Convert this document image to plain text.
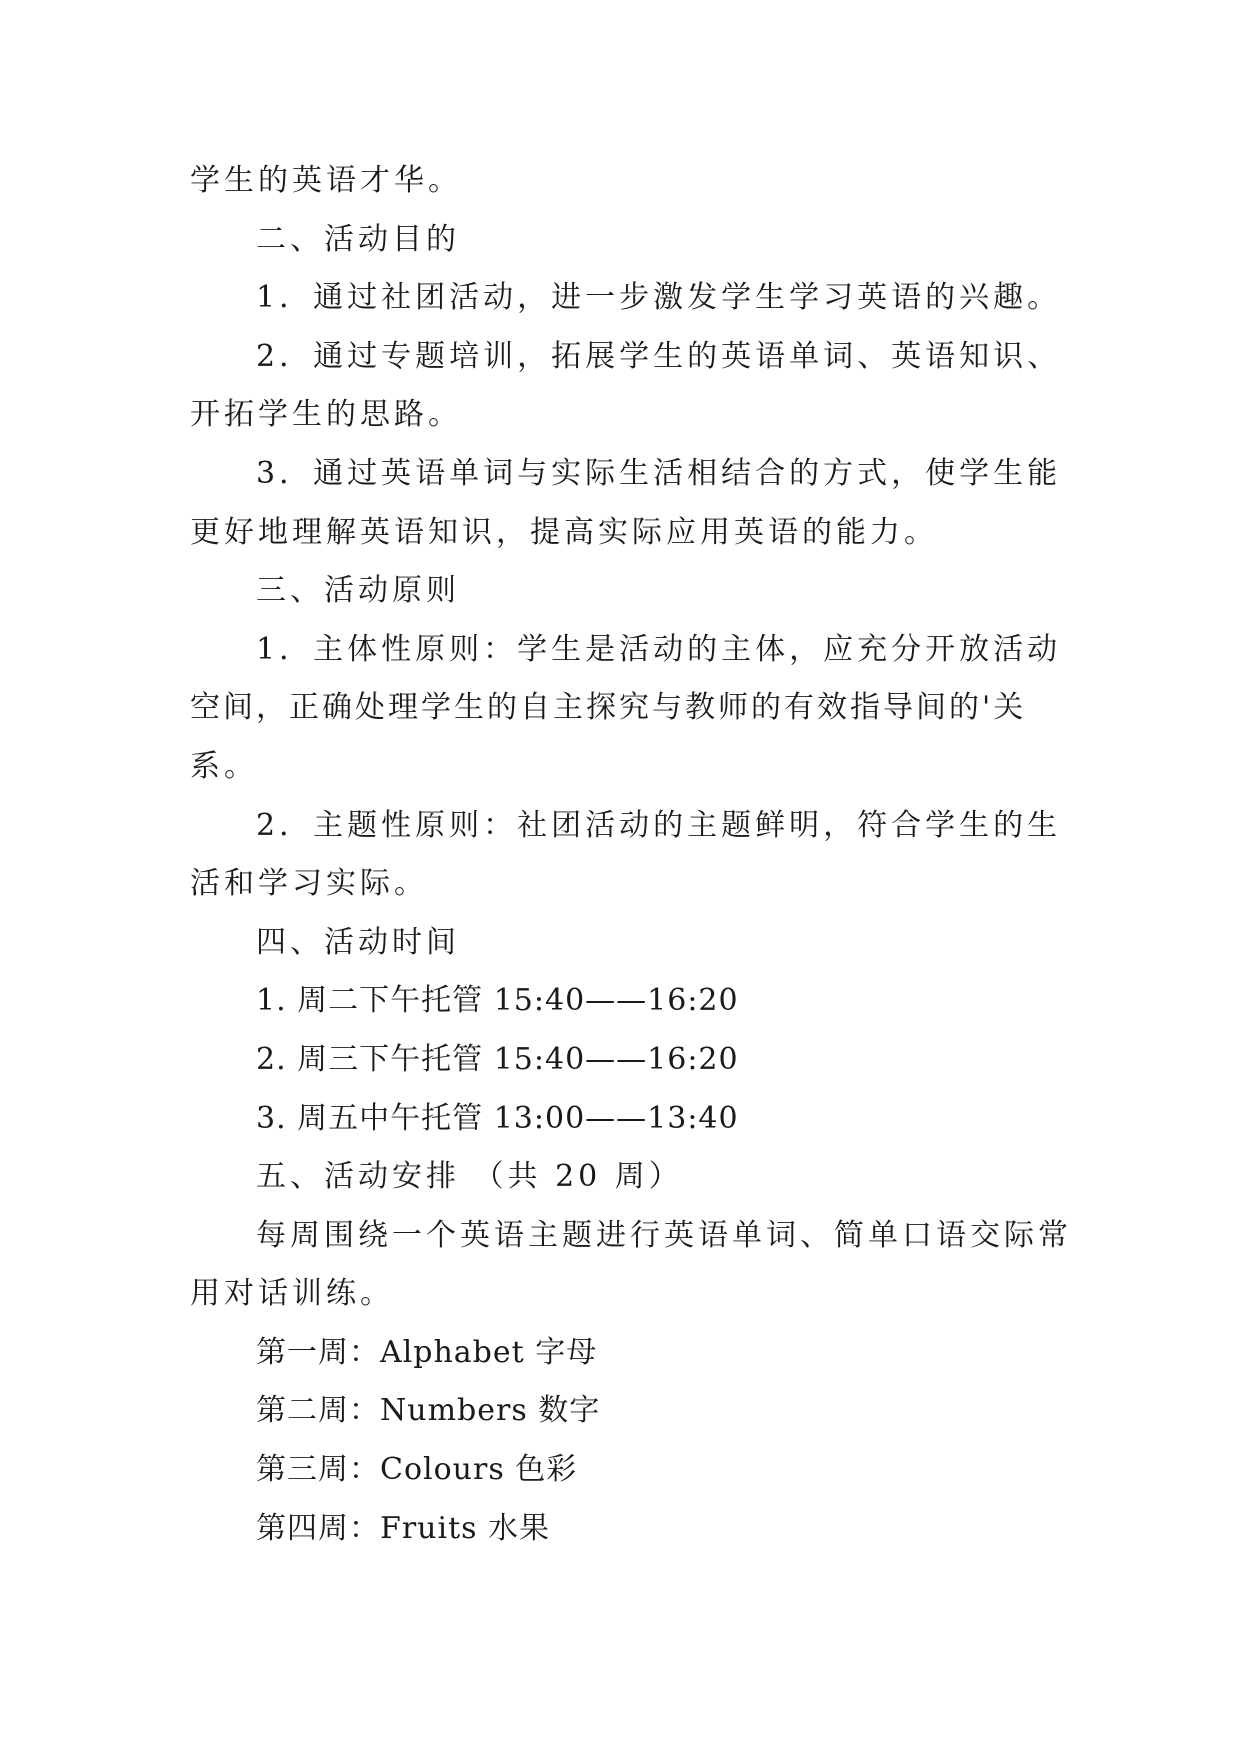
学生的英语才华。

二、活动目的

1．通过社团活动，进一步激发学生学习英语的兴趣。

2．通过专题培训，拓展学生的英语单词、英语知识、

开拓学生的思路。

3．通过英语单词与实际生活相结合的方式，使学生能

更好地理解英语知识，提高实际应用英语的能力。

三、活动原则

1．主体性原则：学生是活动的主体，应充分开放活动

空间，正确处理学生的自主探究与教师的有效指导间的'关

系。

2．主题性原则：社团活动的主题鲜明，符合学生的生

活和学习实际。

四、活动时间

1. 周二下午托管 15:40——16:20

2. 周三下午托管 15:40——16:20

3. 周五中午托管 13:00——13:40

五、活动安排 （共 20 周）

每周围绕一个英语主题进行英语单词、简单口语交际常

用对话训练。

第一周：Alphabet 字母

第二周：Numbers 数字

第三周：Colours 色彩

第四周：Fruits 水果
